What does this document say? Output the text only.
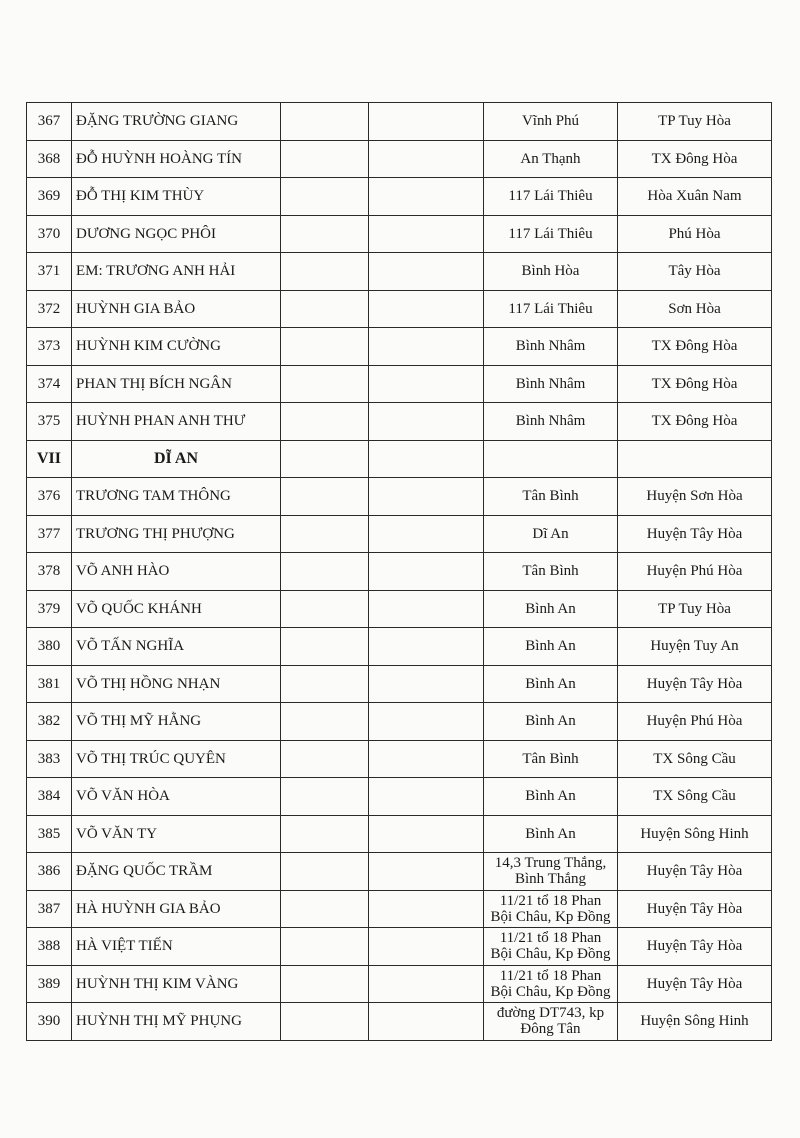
367	ĐẶNG TRƯỜNG GIANG			Vĩnh Phú	TP Tuy Hòa
368	ĐỖ HUỲNH HOÀNG TÍN			An Thạnh	TX Đông Hòa
369	ĐỖ THỊ KIM THÙY			117 Lái Thiêu	Hòa Xuân Nam
370	DƯƠNG NGỌC PHÔI			117 Lái Thiêu	Phú Hòa
371	EM: TRƯƠNG ANH HẢI			Bình Hòa	Tây Hòa
372	HUỲNH GIA BẢO			117 Lái Thiêu	Sơn Hòa
373	HUỲNH KIM CƯỜNG			Bình Nhâm	TX Đông Hòa
374	PHAN THỊ BÍCH NGÂN			Bình Nhâm	TX Đông Hòa
375	HUỲNH PHAN ANH THƯ			Bình Nhâm	TX Đông Hòa
VII	DĨ AN				
376	TRƯƠNG TAM THÔNG			Tân Bình	Huyện Sơn Hòa
377	TRƯƠNG THỊ PHƯỢNG			Dĩ An	Huyện Tây Hòa
378	VÕ ANH HÀO			Tân Bình	Huyện Phú Hòa
379	VÕ QUỐC KHÁNH			Bình An	TP Tuy Hòa
380	VÕ TẤN NGHĨA			Bình An	Huyện Tuy An
381	VÕ THỊ HỒNG NHẠN			Bình An	Huyện Tây Hòa
382	VÕ THỊ MỸ HẰNG			Bình An	Huyện Phú Hòa
383	VÕ THỊ TRÚC QUYÊN			Tân Bình	TX Sông Cầu
384	VÕ VĂN HÒA			Bình An	TX Sông Cầu
385	VÕ VĂN TY			Bình An	Huyện Sông Hinh
386	ĐẶNG QUỐC TRẦM			14,3 Trung Thắng, Bình Thắng	Huyện Tây Hòa
387	HÀ HUỲNH GIA BẢO			11/21 tổ 18 Phan Bội Châu, Kp Đồng	Huyện Tây Hòa
388	HÀ VIỆT TIẾN			11/21 tổ 18 Phan Bội Châu, Kp Đồng	Huyện Tây Hòa
389	HUỲNH THỊ KIM VÀNG			11/21 tổ 18 Phan Bội Châu, Kp Đồng	Huyện Tây Hòa
390	HUỲNH THỊ MỸ PHỤNG			đường DT743, kp Đông Tân	Huyện Sông Hinh
